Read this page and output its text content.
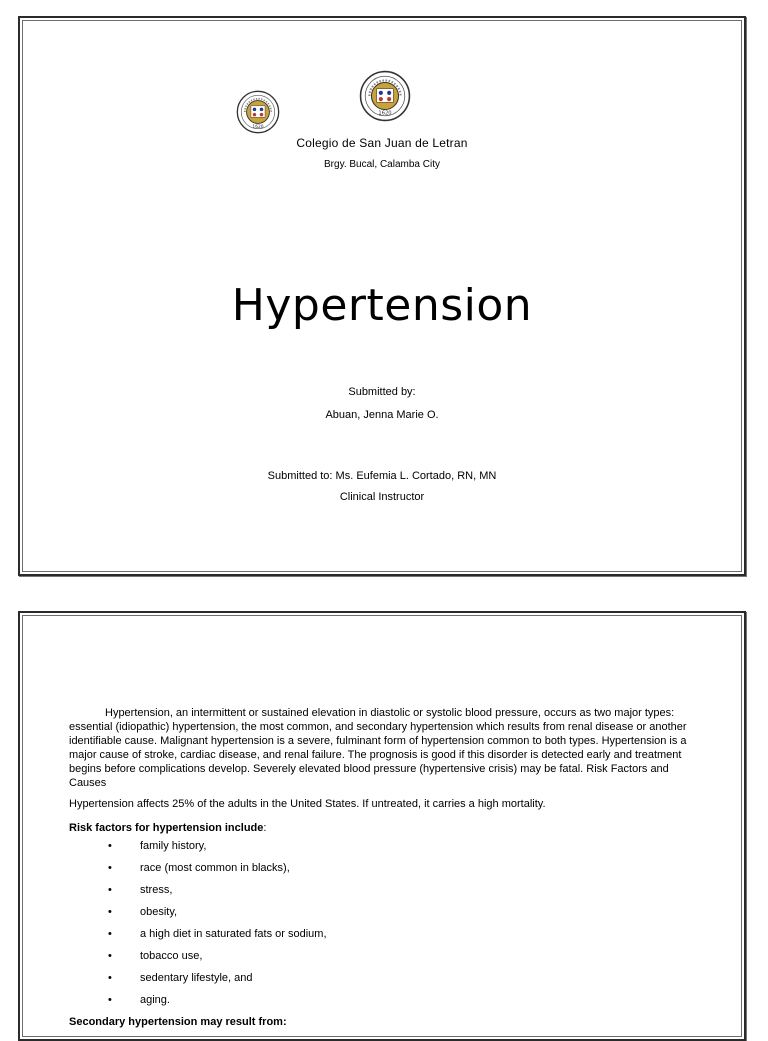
1620
1620
Colegio de San Juan de Letran
Brgy. Bucal, Calamba City
Hypertension
Submitted by:
Abuan, Jenna Marie O.
Submitted to: Ms. Eufemia L. Cortado, RN, MN
Clinical Instructor

Hypertension, an intermittent or sustained elevation in diastolic or systolic blood pressure, occurs as two major types: essential (idiopathic) hypertension, the most common, and secondary hypertension which results from renal disease or another identifiable cause. Malignant hypertension is a severe, fulminant form of hypertension common to both types. Hypertension is a major cause of stroke, cardiac disease, and renal failure. The prognosis is good if this disorder is detected early and treatment begins before complications develop. Severely elevated blood pressure (hypertensive crisis) may be fatal. Risk Factors and Causes

Hypertension affects 25% of the adults in the United States. If untreated, it carries a high mortality.

Risk factors for hypertension include:
•	family history,
•	race (most common in blacks),
•	stress,
•	obesity,
•	a high diet in saturated fats or sodium,
•	tobacco use,
•	sedentary lifestyle, and
•	aging.
Secondary hypertension may result from:
